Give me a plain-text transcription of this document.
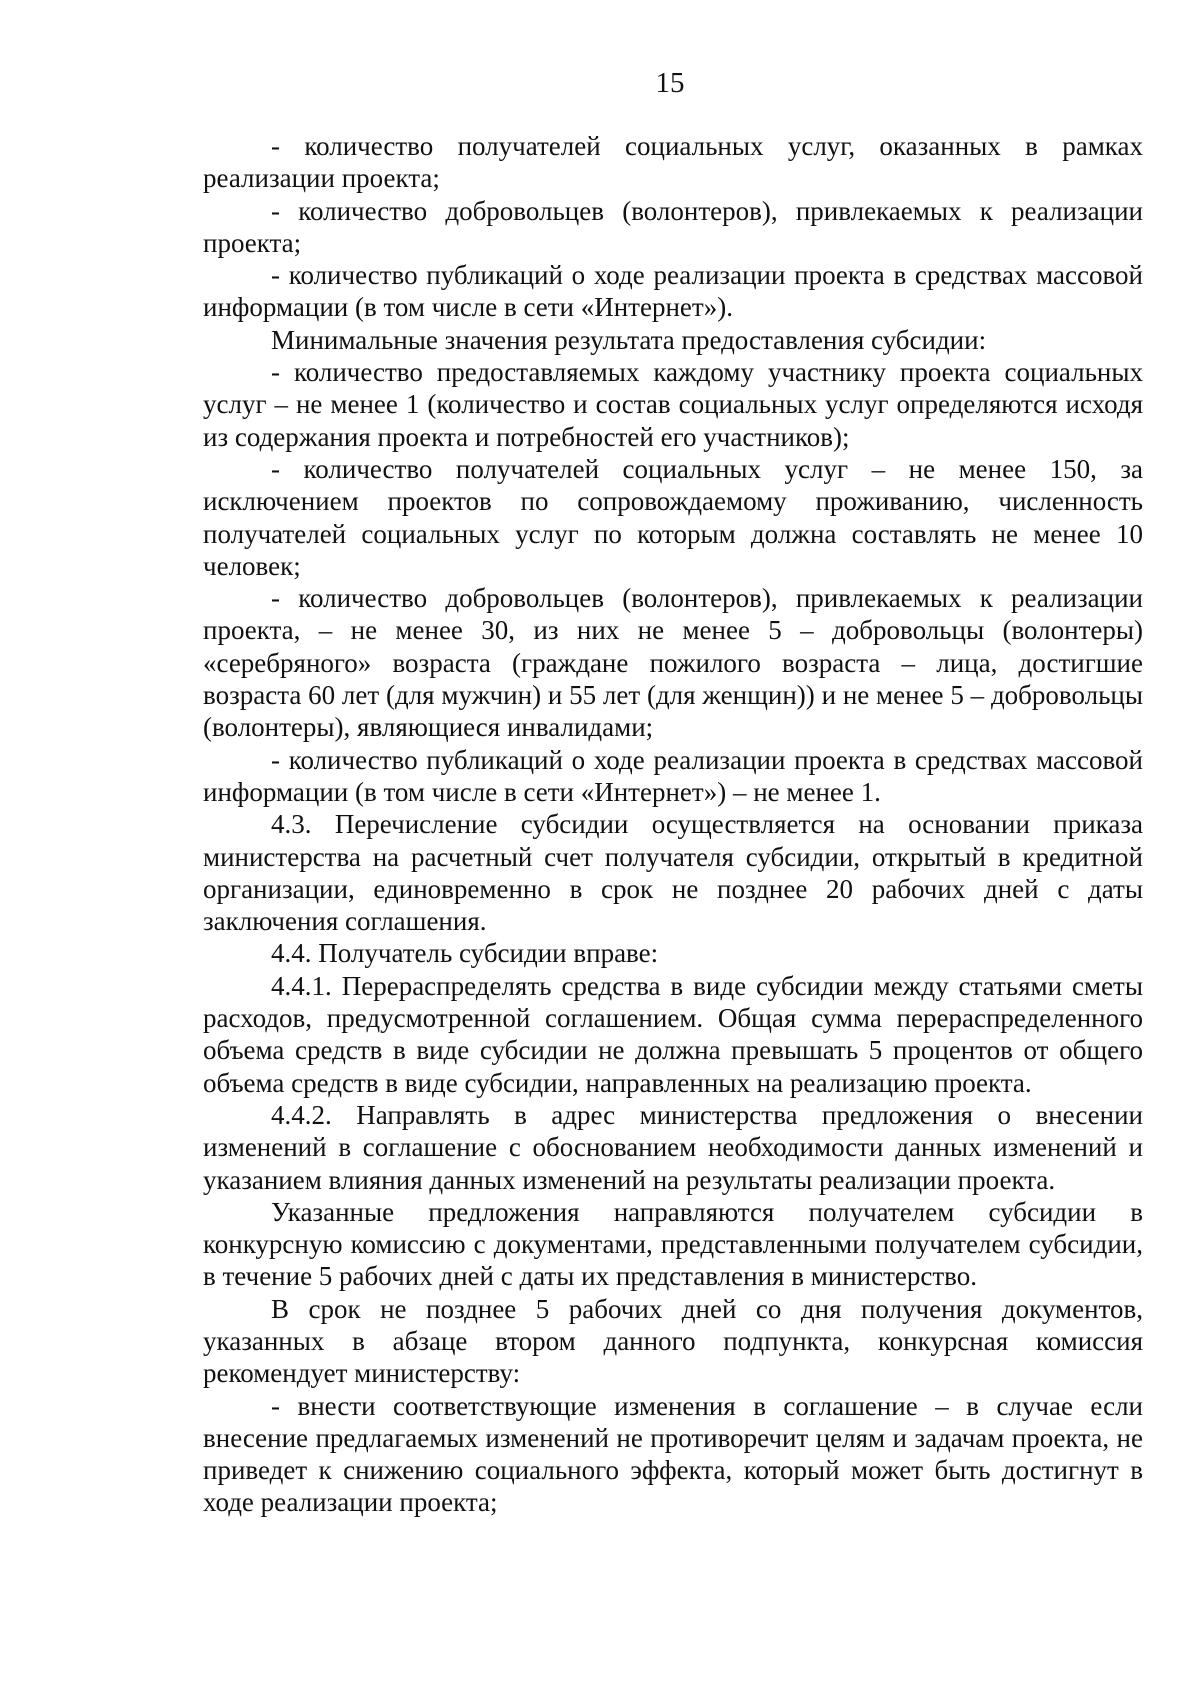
15

- количество получателей социальных услуг, оказанных в рамках реализации проекта;

- количество добровольцев (волонтеров), привлекаемых к реализации проекта;

- количество публикаций о ходе реализации проекта в средствах массовой информации (в том числе в сети «Интернет»).

Минимальные значения результата предоставления субсидии:

- количество предоставляемых каждому участнику проекта социальных услуг – не менее 1 (количество и состав социальных услуг определяются исходя из содержания проекта и потребностей его участников);

- количество получателей социальных услуг – не менее 150, за исключением проектов по сопровождаемому проживанию, численность получателей социальных услуг по которым должна составлять не менее 10 человек;

- количество добровольцев (волонтеров), привлекаемых к реализации проекта, – не менее 30, из них не менее 5 – добровольцы (волонтеры) «серебряного» возраста (граждане пожилого возраста – лица, достигшие возраста 60 лет (для мужчин) и 55 лет (для женщин)) и не менее 5 – добровольцы (волонтеры), являющиеся инвалидами;

- количество публикаций о ходе реализации проекта в средствах массовой информации (в том числе в сети «Интернет») – не менее 1.

4.3. Перечисление субсидии осуществляется на основании приказа министерства на расчетный счет получателя субсидии, открытый в кредитной организации, единовременно в срок не позднее 20 рабочих дней с даты заключения соглашения.

4.4. Получатель субсидии вправе:

4.4.1. Перераспределять средства в виде субсидии между статьями сметы расходов, предусмотренной соглашением. Общая сумма перераспределенного объема средств в виде субсидии не должна превышать 5 процентов от общего объема средств в виде субсидии, направленных на реализацию проекта.

4.4.2. Направлять в адрес министерства предложения о внесении изменений в соглашение с обоснованием необходимости данных изменений и указанием влияния данных изменений на результаты реализации проекта.

Указанные предложения направляются получателем субсидии в конкурсную комиссию с документами, представленными получателем субсидии, в течение 5 рабочих дней с даты их представления в министерство.

В срок не позднее 5 рабочих дней со дня получения документов, указанных в абзаце втором данного подпункта, конкурсная комиссия рекомендует министерству:

- внести соответствующие изменения в соглашение – в случае если внесение предлагаемых изменений не противоречит целям и задачам проекта, не приведет к снижению социального эффекта, который может быть достигнут в ходе реализации проекта;
